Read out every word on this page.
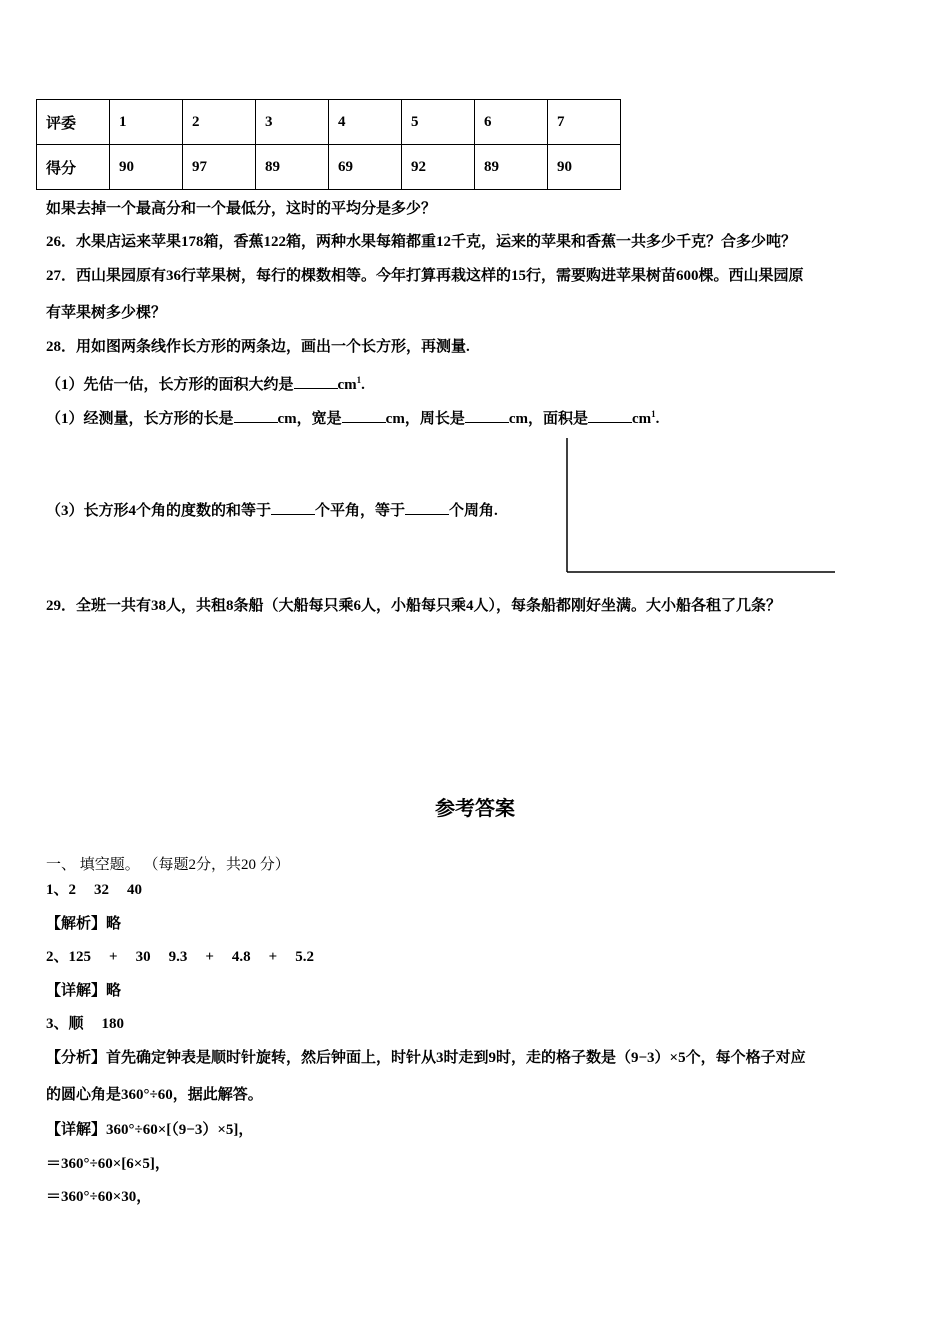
评委	1	2	3	4	5	6	7
得分	90	97	89	69	92	89	90
如果去掉一个最高分和一个最低分，这时的平均分是多少？
26．水果店运来苹果178箱，香蕉122箱，两种水果每箱都重12千克，运来的苹果和香蕉一共多少千克？合多少吨？
27．西山果园原有36行苹果树，每行的棵数相等。今年打算再栽这样的15行，需要购进苹果树苗600棵。西山果园原
有苹果树多少棵？
28．用如图两条线作长方形的两条边，画出一个长方形，再测量.
（1）先估一估，长方形的面积大约是	$cm^1$.
（1）经测量，长方形的长是	cm，宽是	cm，周长是	cm，面积是	$cm^1$.
（3）长方形4个角的度数的和等于	个平角，等于	个周角.
29．全班一共有38人，共租8条船（大船每只乘6人，小船每只乘4人），每条船都刚好坐满。大小船各租了几条？
参考答案
一、 填空题。 （每题2分，共20 分）
1、2 32 40
【解析】略
2、125 + 30 9.3 + 4.8 + 5.2
【详解】略
3、顺 180
【分析】首先确定钟表是顺时针旋转，然后钟面上，时针从3时走到9时，走的格子数是（9−3）×5个，每个格子对应
的圆心角是360°÷60，据此解答。
【详解】360°÷60×[（9−3）×5]，
＝360°÷60×[6×5]，
＝360°÷60×30，
